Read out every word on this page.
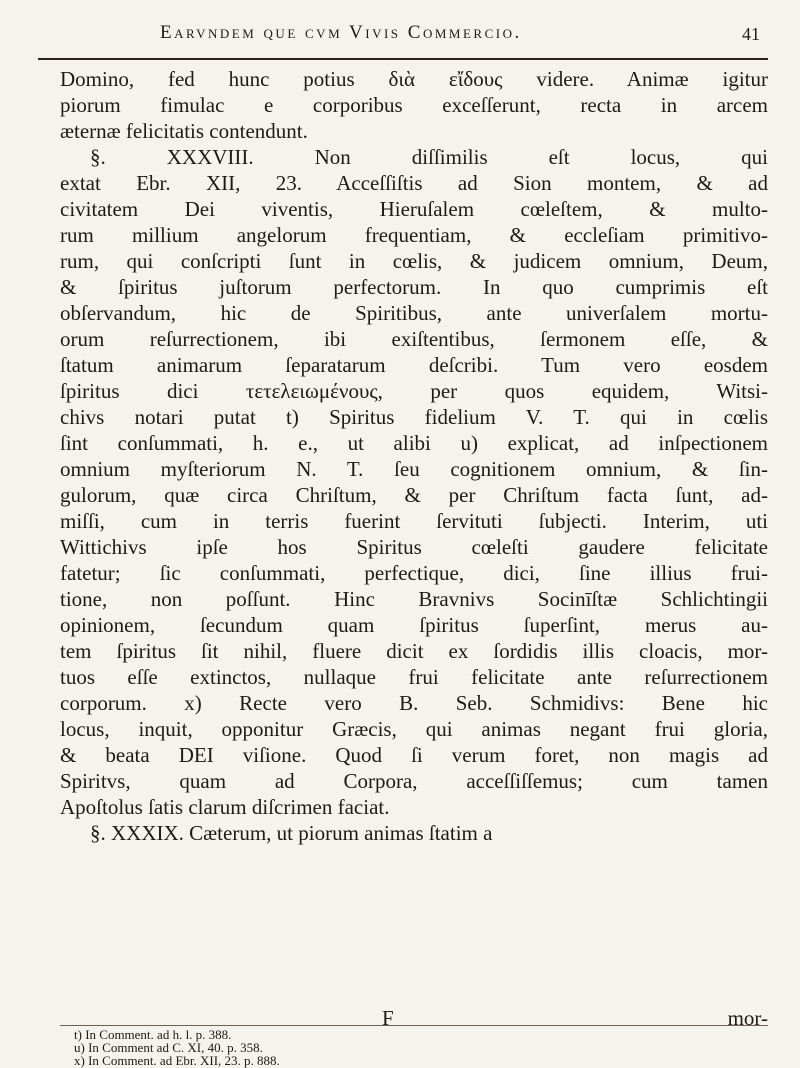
Earvndem que cvm Vivis Commercio.	41
Domino, fed hunc potius διὰ εἴδους videre. Animæ igitur
piorum fimulac e corporibus exceſſerunt, recta in arcem
æternæ felicitatis contendunt.
§. XXXVIII. Non diſſimilis eſt locus, qui
extat Ebr. XII, 23. Acceſſiſtis ad Sion montem, & ad
civitatem Dei viventis, Hieruſalem cœleſtem, & multo-
rum millium angelorum frequentiam, & eccleſiam primitivo-
rum, qui conſcripti ſunt in cœlis, & judicem omnium, Deum,
& ſpiritus juſtorum perfectorum. In quo cumprimis eſt
obſervandum, hic de Spiritibus, ante univerſalem mortu-
orum reſurrectionem, ibi exiſtentibus, ſermonem eſſe, &
ſtatum animarum ſeparatarum deſcribi. Tum vero eosdem
ſpiritus dici τετελειωμένους, per quos equidem, Witsi-
chivs notari putat t) Spiritus fidelium V. T. qui in cœlis
ſint conſummati, h. e., ut alibi u) explicat, ad inſpectionem
omnium myſteriorum N. T. ſeu cognitionem omnium, & ſin-
gulorum, quæ circa Chriſtum, & per Chriſtum facta ſunt, ad-
miſſi, cum in terris fuerint ſervituti ſubjecti. Interim, uti
Wittichivs ipſe hos Spiritus cœleſti gaudere felicitate
fatetur; ſic conſummati, perfectique, dici, ſine illius frui-
tione, non poſſunt. Hinc Bravnivs Socinīſtæ Schlichtingii
opinionem, ſecundum quam ſpiritus ſuperſint, merus au-
tem ſpiritus ſit nihil, fluere dicit ex ſordidis illis cloacis, mor-
tuos eſſe extinctos, nullaque frui felicitate ante reſurrectionem
corporum. x) Recte vero B. Seb. Schmidivs: Bene hic
locus, inquit, opponitur Græcis, qui animas negant frui gloria,
& beata DEI viſione. Quod ſi verum foret, non magis ad
Spiritvs, quam ad Corpora, acceſſiſſemus; cum tamen
Apoſtolus ſatis clarum diſcrimen faciat.
§. XXXIX. Cæterum, ut piorum animas ſtatim a
F	mor-
t) In Comment. ad h. l. p. 388.
u) In Comment ad C. XI, 40. p. 358.
x) In Comment. ad Ebr. XII, 23. p. 888.
